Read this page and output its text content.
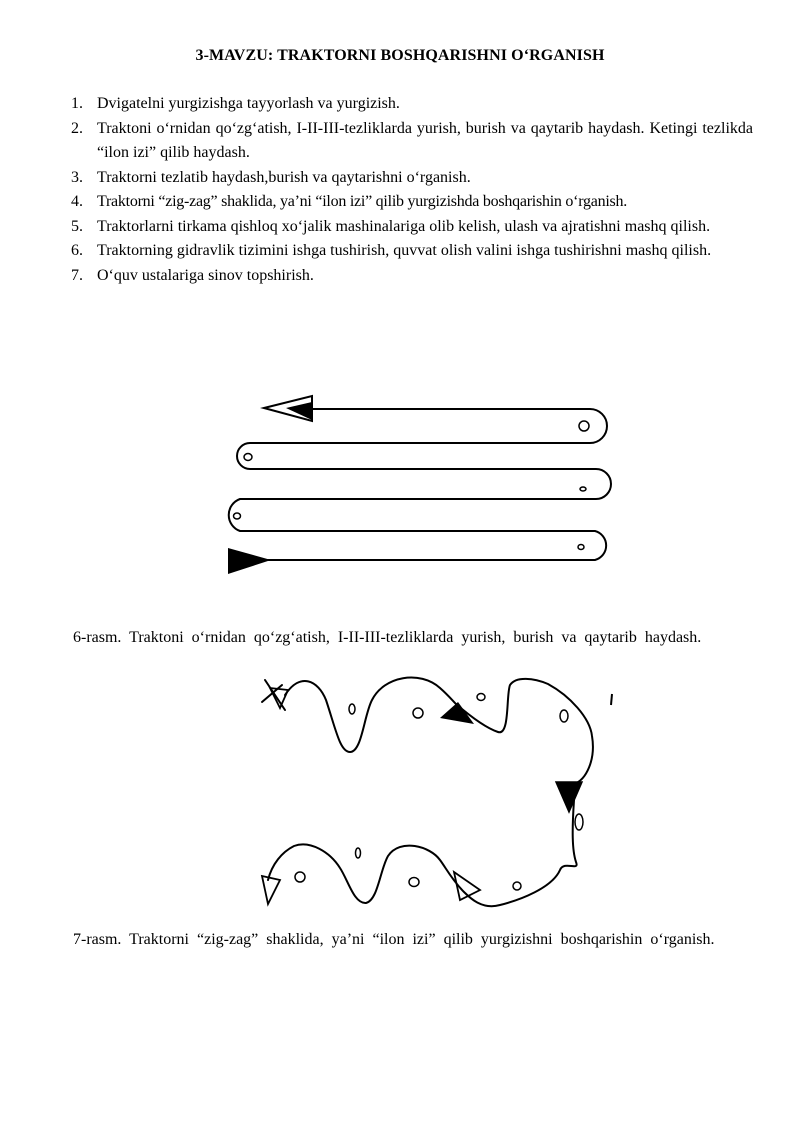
3-MAVZU: TRAKTORNI BOSHQARISHNI O‘RGANISH
1. Dvigatelni yurgizishga tayyorlash va yurgizish.
2. Traktoni o‘rnidan qo‘zg‘atish, I-II-III-tezliklarda yurish, burish va qaytarib haydash. Ketingi tezlikda “ilon izi” qilib haydash.
3. Traktorni tezlatib haydash,burish va qaytarishni o‘rganish.
4. Traktorni “zig-zag” shaklida, ya’ni “ilon izi” qilib yurgizishda boshqarishin o‘rganish.
5. Traktorlarni tirkama qishloq xo‘jalik mashinalariga olib kelish, ulash va ajratishni mashq qilish.
6. Traktorning gidravlik tizimini ishga tushirish, quvvat olish valini ishga tushirishni mashq qilish.
7. O‘quv ustalariga sinov topshirish.
6-rasm. Traktoni o‘rnidan qo‘zg‘atish, I-II-III-tezliklarda yurish, burish va qaytarib haydash.
7-rasm. Traktorni “zig-zag” shaklida, ya’ni “ilon izi” qilib yurgizishni boshqarishin o‘rganish.
